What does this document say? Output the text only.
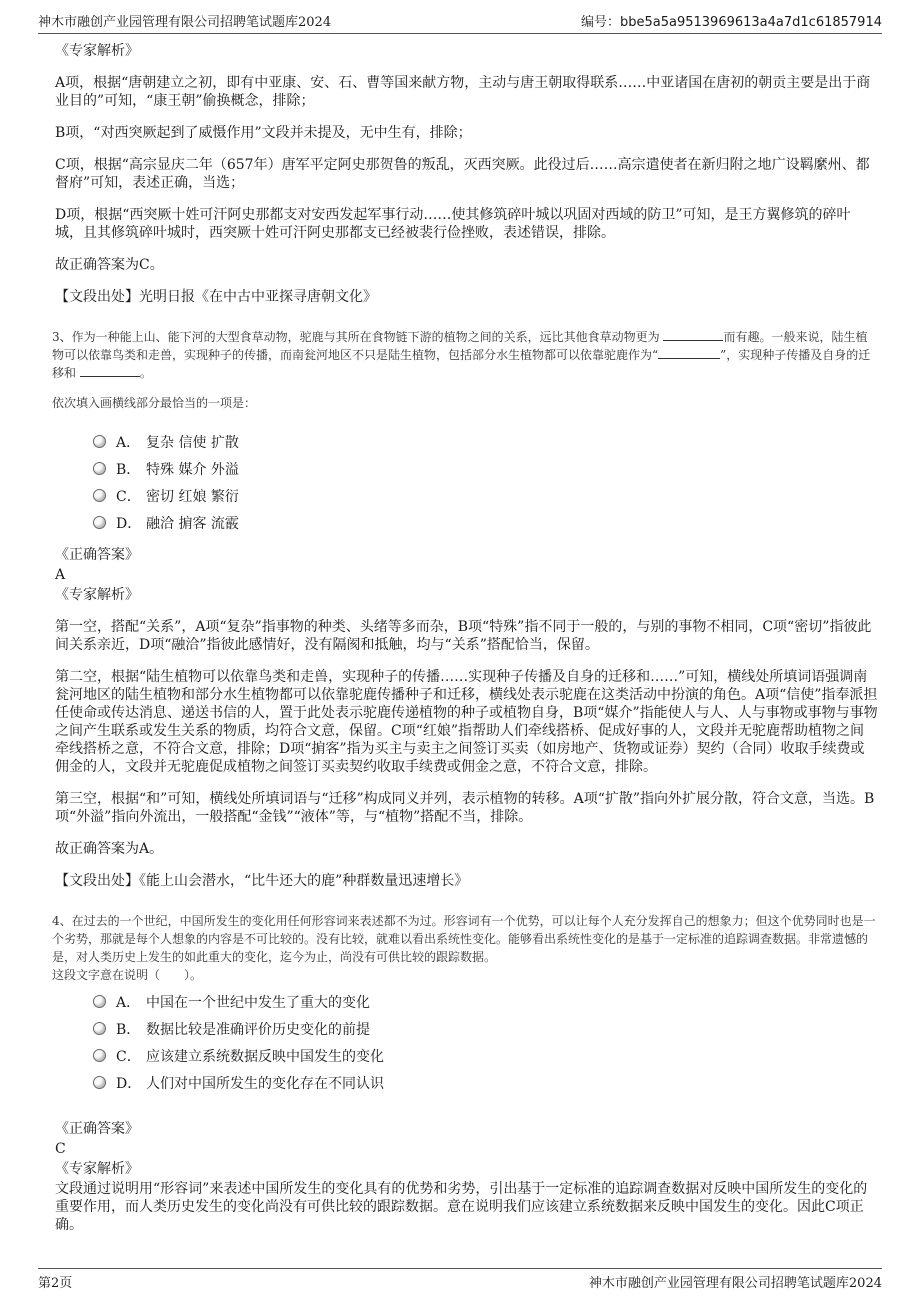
神木市融创产业园管理有限公司招聘笔试题库2024	编号：bbe5a5a9513969613a4a7d1c61857914

《专家解析》

A项，根据“唐朝建立之初，即有中亚康、安、石、曹等国来献方物，主动与唐王朝取得联系……中亚诸国在唐初的朝贡主要是出于商业目的”可知，“康王朝”偷换概念，排除；

B项，“对西突厥起到了威慑作用”文段并未提及，无中生有，排除；

C项，根据“高宗显庆二年（657年）唐军平定阿史那贺鲁的叛乱，灭西突厥。此役过后……高宗遣使者在新归附之地广设羁縻州、都督府”可知，表述正确，当选；

D项，根据“西突厥十姓可汗阿史那都支对安西发起军事行动……使其修筑碎叶城以巩固对西域的防卫”可知，是王方翼修筑的碎叶城，且其修筑碎叶城时，西突厥十姓可汗阿史那都支已经被裴行俭挫败，表述错误，排除。

故正确答案为C。

【文段出处】光明日报《在中古中亚探寻唐朝文化》

3、作为一种能上山、能下河的大型食草动物，驼鹿与其所在食物链下游的植物之间的关系，远比其他食草动物更为	而有趣。一般来说，陆生植物可以依靠鸟类和走兽，实现种子的传播，而南瓮河地区不只是陆生植物，包括部分水生植物都可以依靠驼鹿作为“	”，实现种子传播及自身的迁移和	。

依次填入画横线部分最恰当的一项是：

A． 复杂 信使 扩散
B． 特殊 媒介 外溢
C． 密切 红娘 繁衍
D． 融洽 掮客 流霰

《正确答案》

A

《专家解析》

第一空，搭配“关系”，A项“复杂”指事物的种类、头绪等多而杂，B项“特殊”指不同于一般的，与别的事物不相同，C项“密切”指彼此间关系亲近，D项“融洽”指彼此感情好，没有隔阂和抵触，均与“关系”搭配恰当，保留。

第二空，根据“陆生植物可以依靠鸟类和走兽，实现种子的传播……实现种子传播及自身的迁移和……”可知，横线处所填词语强调南瓮河地区的陆生植物和部分水生植物都可以依靠驼鹿传播种子和迁移，横线处表示驼鹿在这类活动中扮演的角色。A项“信使”指奉派担任使命或传达消息、递送书信的人，置于此处表示驼鹿传递植物的种子或植物自身，B项“媒介”指能使人与人、人与事物或事物与事物之间产生联系或发生关系的物质，均符合文意，保留。C项“红娘”指帮助人们牵线搭桥、促成好事的人，文段并无驼鹿帮助植物之间牵线搭桥之意，不符合文意，排除；D项“掮客”指为买主与卖主之间签订买卖（如房地产、货物或证券）契约（合同）收取手续费或佣金的人，文段并无驼鹿促成植物之间签订买卖契约收取手续费或佣金之意，不符合文意，排除。

第三空，根据“和”可知，横线处所填词语与“迁移”构成同义并列，表示植物的转移。A项“扩散”指向外扩展分散，符合文意，当选。B项“外溢”指向外流出，一般搭配“金钱”“液体”等，与“植物”搭配不当，排除。

故正确答案为A。

【文段出处】《能上山会潜水，“比牛还大的鹿”种群数量迅速增长》

4、在过去的一个世纪，中国所发生的变化用任何形容词来表述都不为过。形容词有一个优势，可以让每个人充分发挥自己的想象力；但这个优势同时也是一个劣势，那就是每个人想象的内容是不可比较的。没有比较，就难以看出系统性变化。能够看出系统性变化的是基于一定标准的追踪调查数据。非常遗憾的是，对人类历史上发生的如此重大的变化，迄今为止，尚没有可供比较的跟踪数据。

这段文字意在说明（　　）。

A． 中国在一个世纪中发生了重大的变化
B． 数据比较是准确评价历史变化的前提
C． 应该建立系统数据反映中国发生的变化
D． 人们对中国所发生的变化存在不同认识

《正确答案》

C

《专家解析》

文段通过说明用“形容词”来表述中国所发生的变化具有的优势和劣势，引出基于一定标准的追踪调查数据对反映中国所发生的变化的重要作用，而人类历史发生的变化尚没有可供比较的跟踪数据。意在说明我们应该建立系统数据来反映中国发生的变化。因此C项正确。

第2页	神木市融创产业园管理有限公司招聘笔试题库2024
